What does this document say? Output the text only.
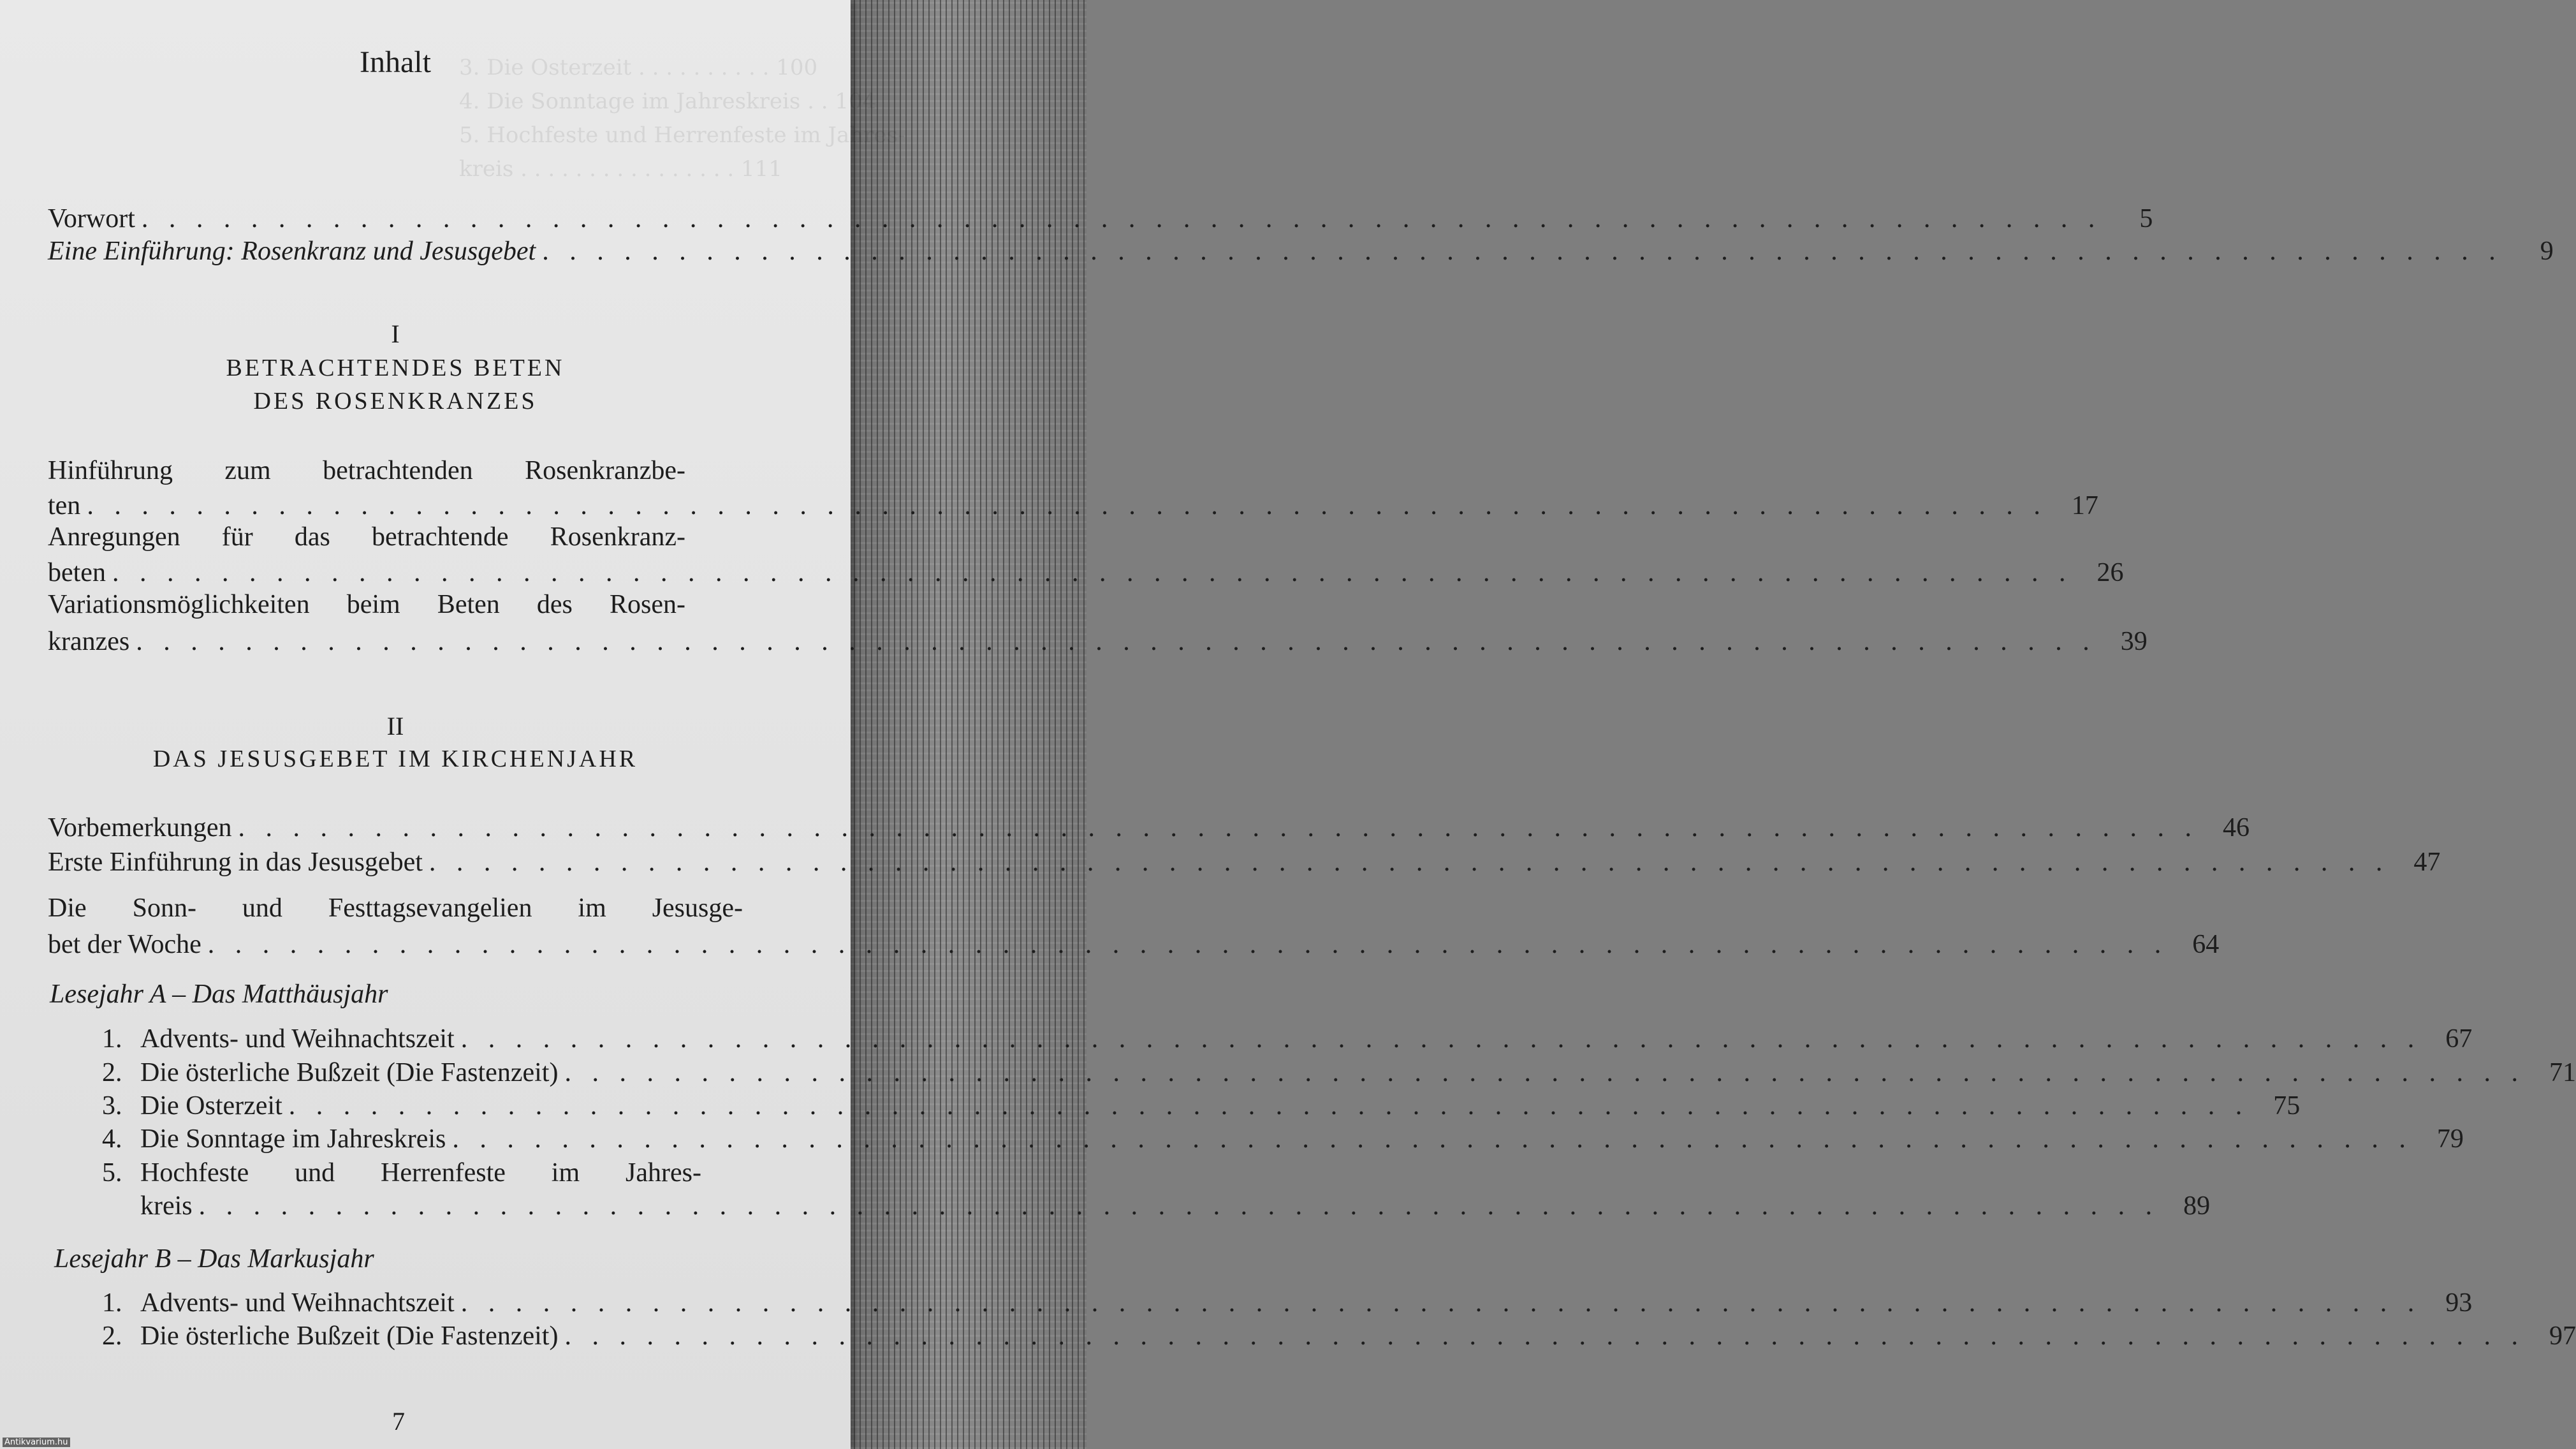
3. Die Osterzeit . . . . . . . . . . 100
4. Die Sonntage im Jahreskreis . . 104
5. Hochfeste und Herrenfeste im Jahres-
kreis . . . . . . . . . . . . . . . . 111
Inhalt
Vorwort . . .	5
Eine Einführung: Rosenkranz und Jesusgebet . . .	9
I
BETRACHTENDES BETEN
DES ROSENKRANZES
Hinführung zum betrachtenden Rosenkranzbe-
ten . . .	17
Anregungen für das betrachtende Rosenkranz-
beten . . .	26
Variationsmöglichkeiten beim Beten des Rosen-
kranzes . . .	39
II
DAS JESUSGEBET IM KIRCHENJAHR
Vorbemerkungen . . .	46
Erste Einführung in das Jesusgebet . . .	47
Die Sonn- und Festtagsevangelien im Jesusge-
bet der Woche . . .	64
Lesejahr A – Das Matthäusjahr
1. Advents- und Weihnachtszeit . . .	67
2. Die österliche Bußzeit (Die Fastenzeit) . . .	71
3. Die Osterzeit . . .	75
4. Die Sonntage im Jahreskreis . . .	79
5. Hochfeste und Herrenfeste im Jahres-
kreis . . .	89
Lesejahr B – Das Markusjahr
1. Advents- und Weihnachtszeit . . .	93
2. Die österliche Bußzeit (Die Fastenzeit) . . .	97
7
Antikvarium.hu
